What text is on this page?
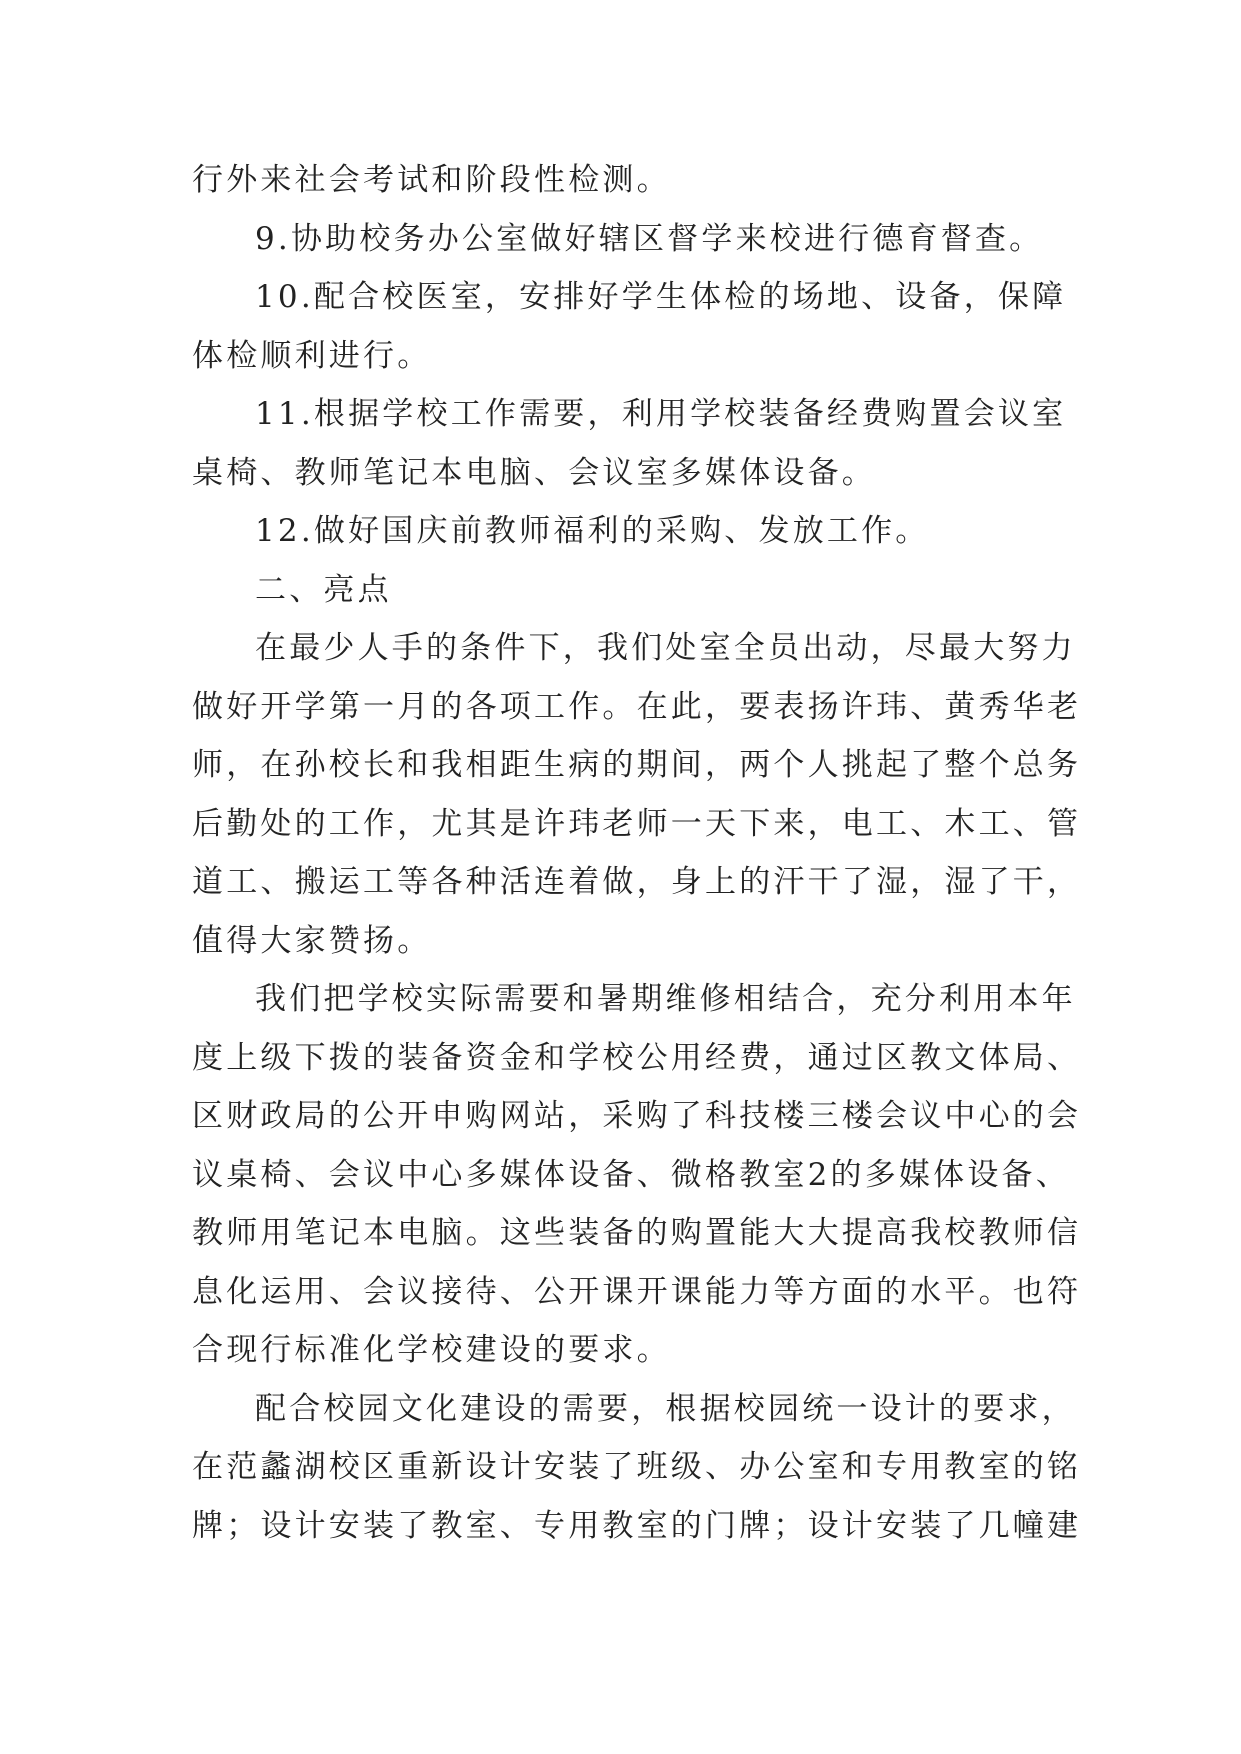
行外来社会考试和阶段性检测。
9.协助校务办公室做好辖区督学来校进行德育督查。
10.配合校医室，安排好学生体检的场地、设备，保障
体检顺利进行。
11.根据学校工作需要，利用学校装备经费购置会议室
桌椅、教师笔记本电脑、会议室多媒体设备。
12.做好国庆前教师福利的采购、发放工作。
二、亮点
在最少人手的条件下，我们处室全员出动，尽最大努力
做好开学第一月的各项工作。在此，要表扬许玮、黄秀华老
师，在孙校长和我相距生病的期间，两个人挑起了整个总务
后勤处的工作，尤其是许玮老师一天下来，电工、木工、管
道工、搬运工等各种活连着做，身上的汗干了湿，湿了干，
值得大家赞扬。
我们把学校实际需要和暑期维修相结合，充分利用本年
度上级下拨的装备资金和学校公用经费，通过区教文体局、
区财政局的公开申购网站，采购了科技楼三楼会议中心的会
议桌椅、会议中心多媒体设备、微格教室2的多媒体设备、
教师用笔记本电脑。这些装备的购置能大大提高我校教师信
息化运用、会议接待、公开课开课能力等方面的水平。也符
合现行标准化学校建设的要求。
配合校园文化建设的需要，根据校园统一设计的要求，
在范蠡湖校区重新设计安装了班级、办公室和专用教室的铭
牌；设计安装了教室、专用教室的门牌；设计安装了几幢建
